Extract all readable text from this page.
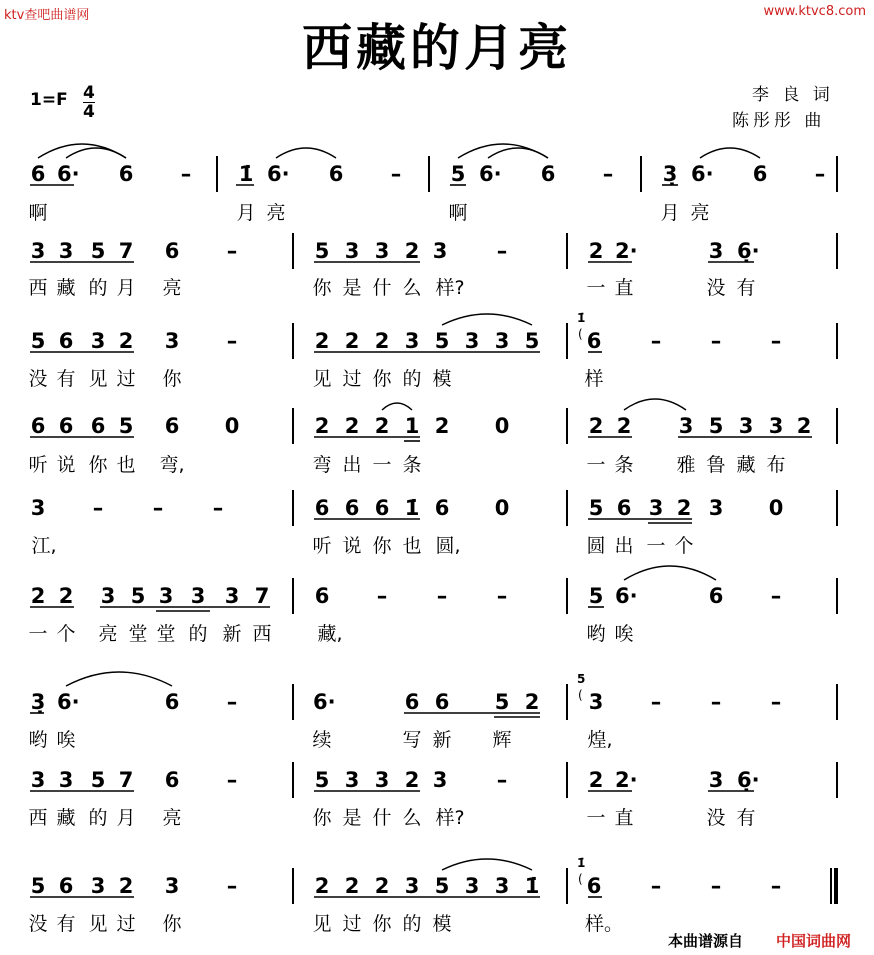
ktv查吧曲谱网	www.ktvc8.com
西藏的月亮
1=F 4
4
李 良 词
陈彤彤 曲
6 6· 6 – 1̇ 6· 6 – 5 6· 6 – 3̣ 6· 6 –
啊	月 亮	啊	月 亮
3 3 5 7 6 –	5 3 3 2 3 –	2 2·	3 6̣·
西 藏 的 月 亮	你 是 什 么 样?	一 直	没 有
5 6 3 2 3 –	2 2 2 3 5 3 3 5 6 – – –
没 有 见 过 你	见 过 你 的 模	样
6 6 6 5 6 0	2 2 2 1 2 0	2 2 3 5 3 3 2
听 说 你 也 弯,	弯 出 一 条	一 条 雅 鲁 藏 布
3 – – –	6 6 6 1̇ 6 0	5 6 3 2 3 0
江,	听 说 你 也 圆,	圆 出 一 个
2 2 3 5 3 3 3 7 6 – – –	5 6·	6 –
一 个 亮 堂 堂 的 新 西 藏,	哟 唉
3̣ 6·	6 –	6·	6 6 5 2 3 – – –
哟 唉	续	写 新 辉	煌,
3 3 5 7 6 –	5 3 3 2 3 –	2 2·	3 6̣·
西 藏 的 月 亮	你 是 什 么 样?	一 直	没 有
5 6 3 2 3 –	2 2 2 3 5 3 3 1̇ 6 – – –
没 有 见 过 你	见 过 你 的 模	样。
1̇
(
5
(
1̇
(
本曲谱源自 中国词曲网
